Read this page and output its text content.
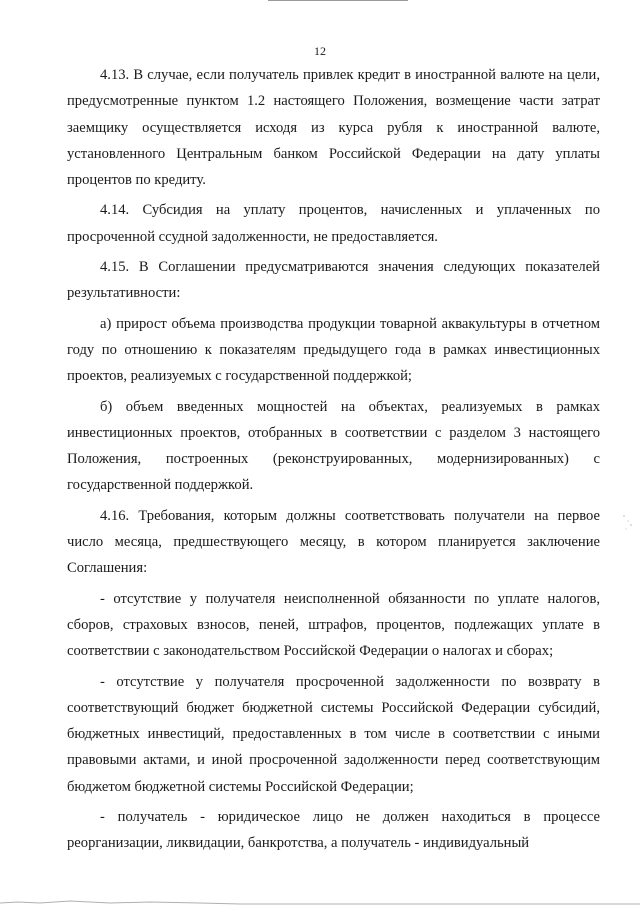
12

4.13. В случае, если получатель привлек кредит в иностранной валюте на цели, предусмотренные пунктом 1.2 настоящего Положения, возмещение части затрат заемщику осуществляется исходя из курса рубля к иностранной валюте, установленного Центральным банком Российской Федерации на дату уплаты процентов по кредиту.

4.14. Субсидия на уплату процентов, начисленных и уплаченных по просроченной ссудной задолженности, не предоставляется.

4.15. В Соглашении предусматриваются значения следующих показателей результативности:

а) прирост объема производства продукции товарной аквакультуры в отчетном году по отношению к показателям предыдущего года в рамках инвестиционных проектов, реализуемых с государственной поддержкой;

б) объем введенных мощностей на объектах, реализуемых в рамках инвестиционных проектов, отобранных в соответствии с разделом 3 настоящего Положения, построенных (реконструированных, модернизированных) с государственной поддержкой.

4.16. Требования, которым должны соответствовать получатели на первое число месяца, предшествующего месяцу, в котором планируется заключение Соглашения:

- отсутствие у получателя неисполненной обязанности по уплате налогов, сборов, страховых взносов, пеней, штрафов, процентов, подлежащих уплате в соответствии с законодательством Российской Федерации о налогах и сборах;

- отсутствие у получателя просроченной задолженности по возврату в соответствующий бюджет бюджетной системы Российской Федерации субсидий, бюджетных инвестиций, предоставленных в том числе в соответствии с иными правовыми актами, и иной просроченной задолженности перед соответствующим бюджетом бюджетной системы Российской Федерации;

- получатель - юридическое лицо не должен находиться в процессе реорганизации, ликвидации, банкротства, а получатель - индивидуальный
